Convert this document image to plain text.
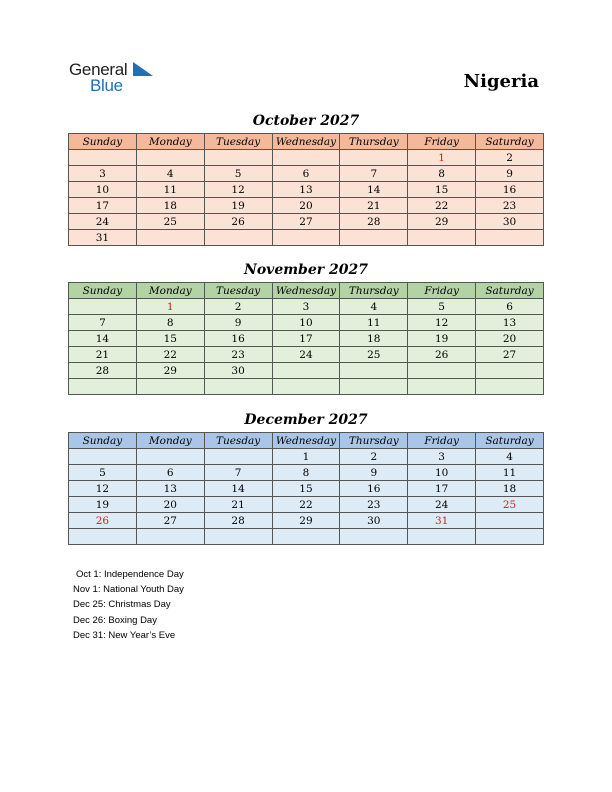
General
Blue	Nigeria
October 2027
Sunday	Monday	Tuesday	Wednesday	Thursday	Friday	Saturday
					1	2
3	4	5	6	7	8	9
10	11	12	13	14	15	16
17	18	19	20	21	22	23
24	25	26	27	28	29	30
31						
November 2027
Sunday	Monday	Tuesday	Wednesday	Thursday	Friday	Saturday
	1	2	3	4	5	6
7	8	9	10	11	12	13
14	15	16	17	18	19	20
21	22	23	24	25	26	27
28	29	30				

December 2027
Sunday	Monday	Tuesday	Wednesday	Thursday	Friday	Saturday
			1	2	3	4
5	6	7	8	9	10	11
12	13	14	15	16	17	18
19	20	21	22	23	24	25
26	27	28	29	30	31	

Oct 1: Independence Day
Nov 1: National Youth Day
Dec 25: Christmas Day
Dec 26: Boxing Day
Dec 31: New Year’s Eve
